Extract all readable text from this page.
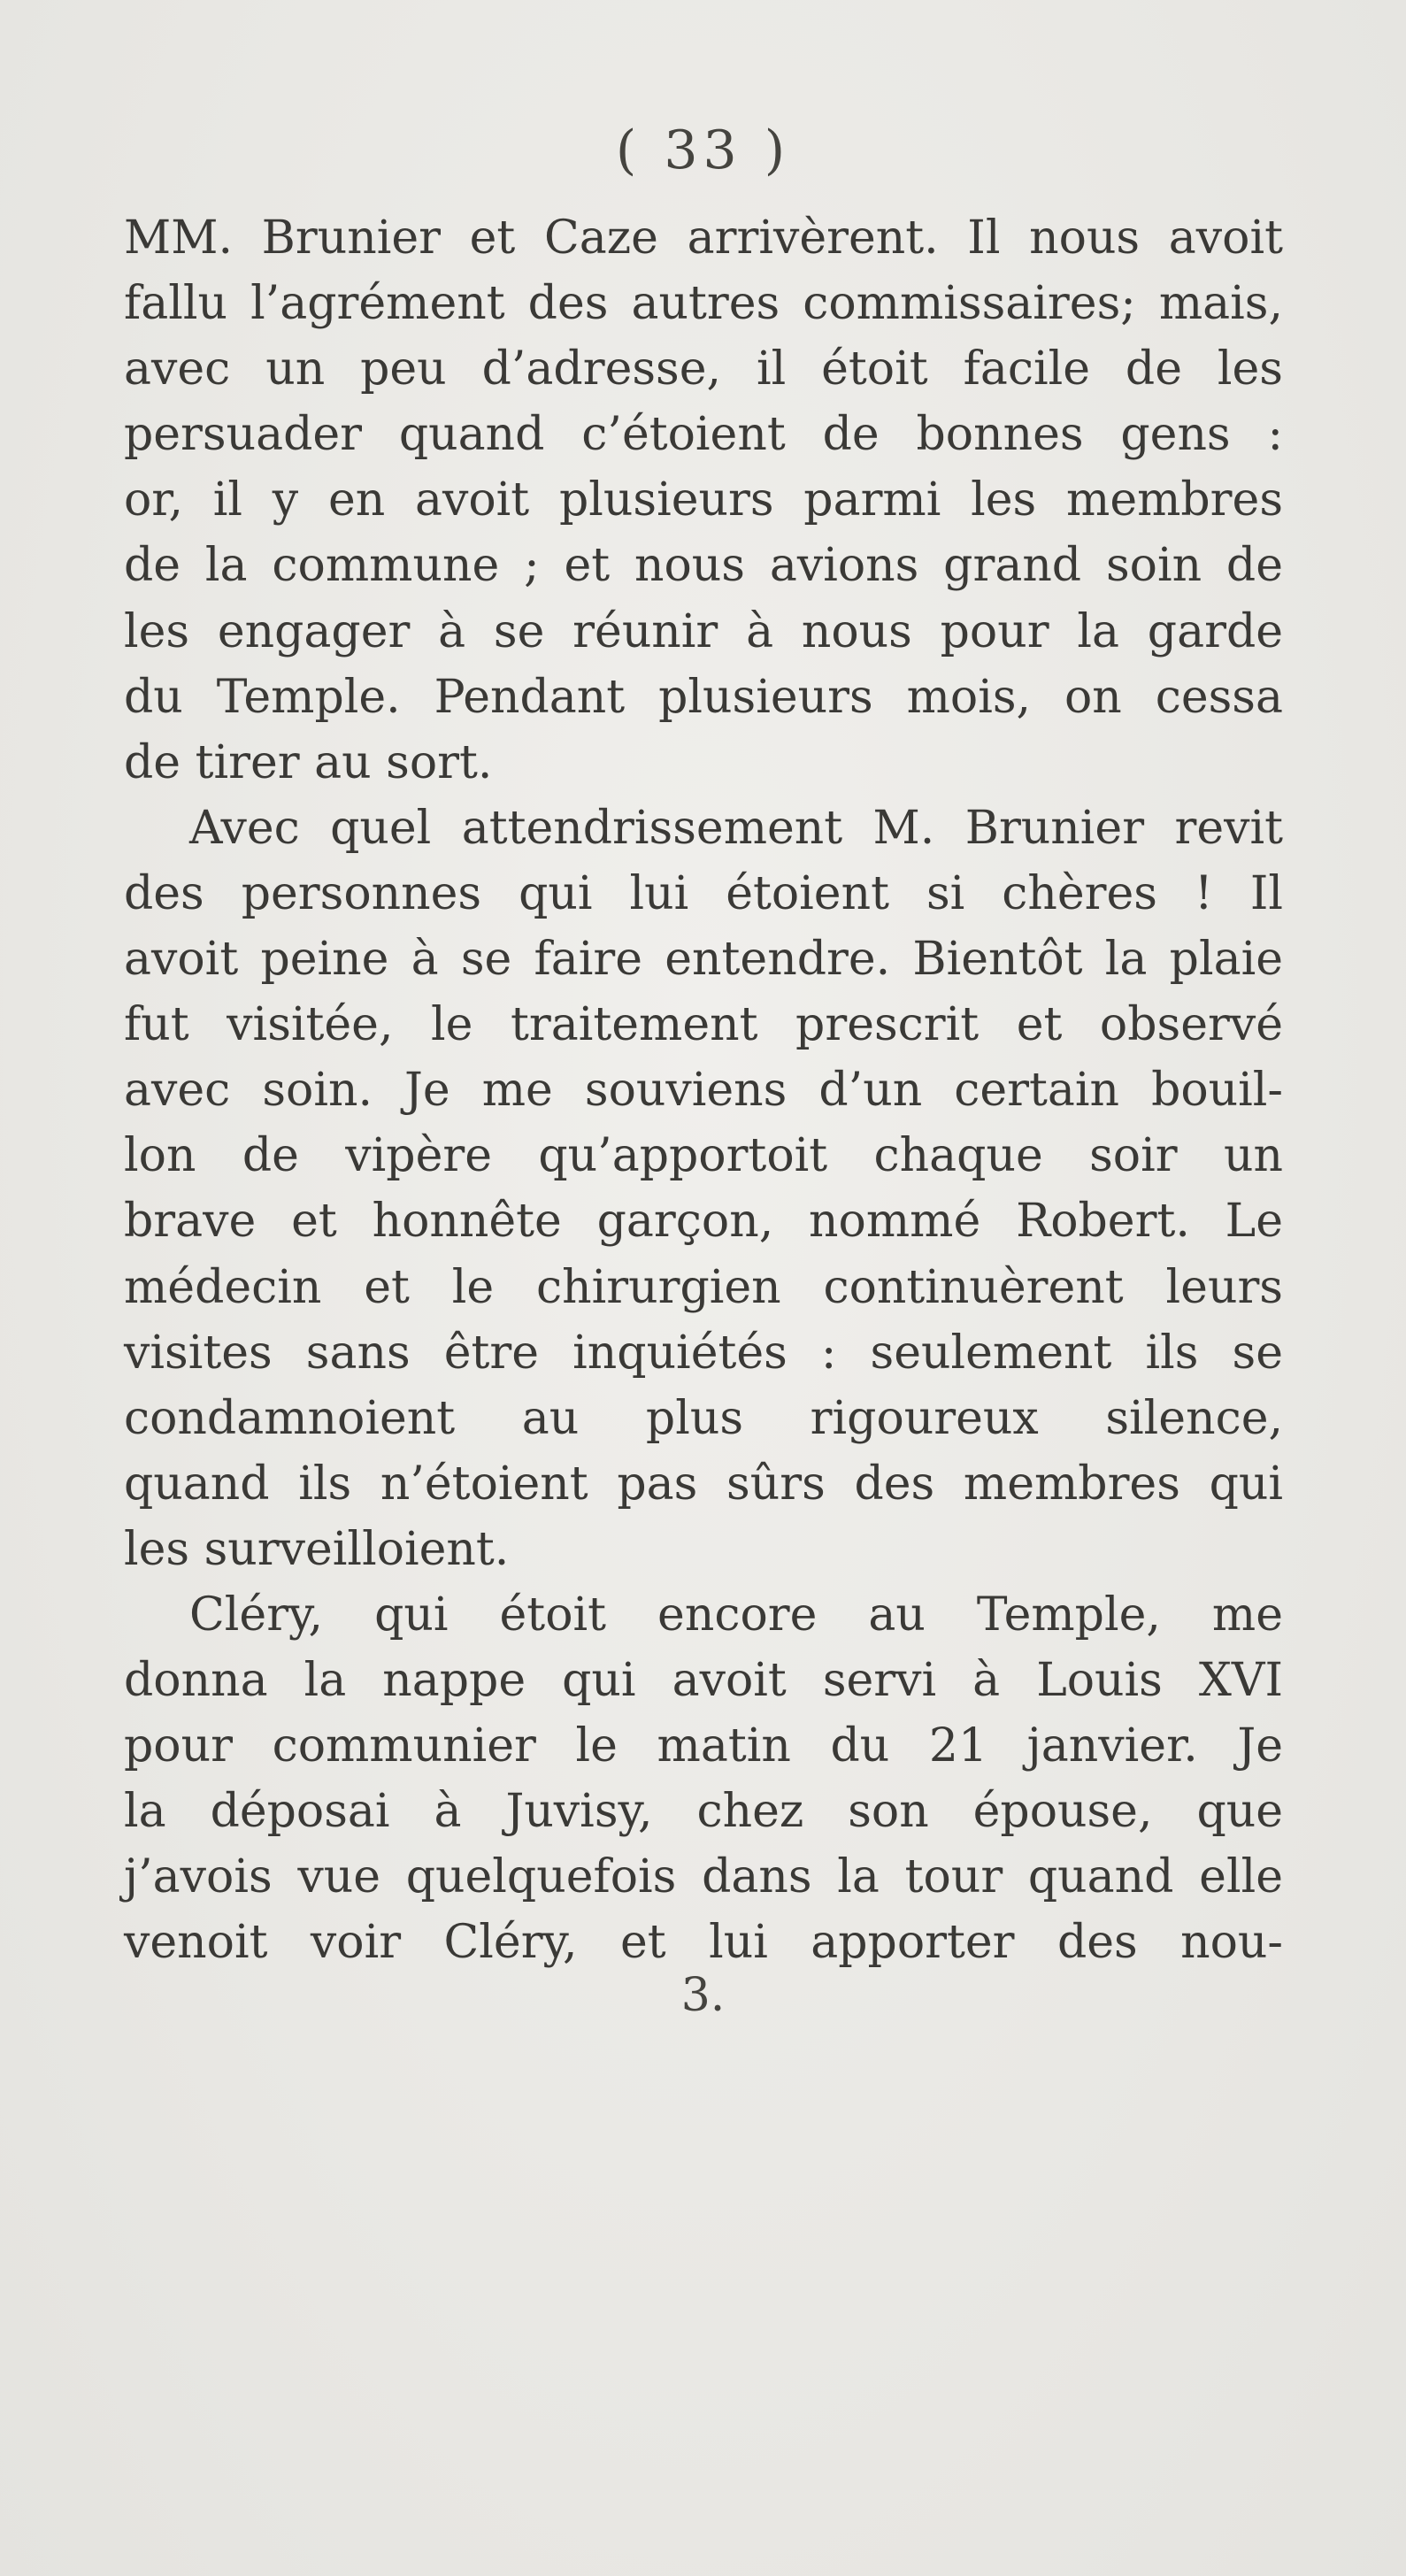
( 33 )
MM. Brunier et Caze arrivèrent. Il nous avoit
fallu l’agrément des autres commissaires; mais,
avec un peu d’adresse, il étoit facile de les
persuader quand c’étoient de bonnes gens :
or, il y en avoit plusieurs parmi les membres
de la commune ; et nous avions grand soin de
les engager à se réunir à nous pour la garde
du Temple. Pendant plusieurs mois, on cessa
de tirer au sort.
Avec quel attendrissement M. Brunier revit
des personnes qui lui étoient si chères ! Il
avoit peine à se faire entendre. Bientôt la plaie
fut visitée, le traitement prescrit et observé
avec soin. Je me souviens d’un certain bouil-
lon de vipère qu’apportoit chaque soir un
brave et honnête garçon, nommé Robert. Le
médecin et le chirurgien continuèrent leurs
visites sans être inquiétés : seulement ils se
condamnoient au plus rigoureux silence,
quand ils n’étoient pas sûrs des membres qui
les surveilloient.
Cléry, qui étoit encore au Temple, me
donna la nappe qui avoit servi à Louis XVI
pour communier le matin du 21 janvier. Je
la déposai à Juvisy, chez son épouse, que
j’avois vue quelquefois dans la tour quand elle
venoit voir Cléry, et lui apporter des nou-
3.
